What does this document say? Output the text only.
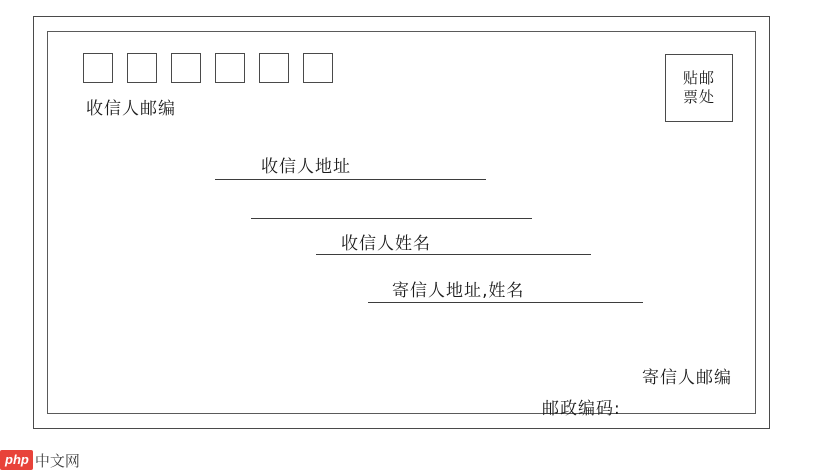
收信人邮编
贴邮
票处
收信人地址
收信人姓名
寄信人地址‚姓名
寄信人邮编
邮政编码:
php 中文网
